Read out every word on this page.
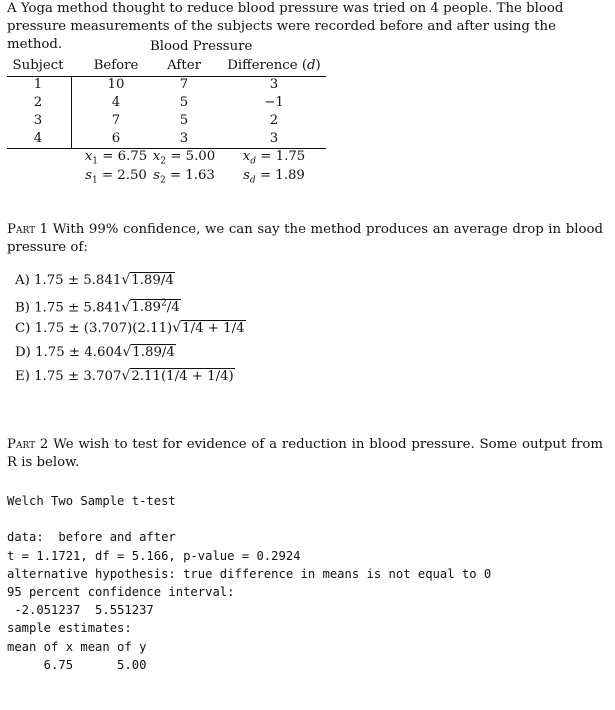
A Yoga method thought to reduce blood pressure was tried on 4 people. The blood pressure measurements of the subjects were recorded before and after using the method.	Blood Pressure
Subject	Before	After	Difference (d)
1	10	7	3
2	4	5	−1
3	7	5	2
4	6	3	3
$\overline{x}_1 = 6.75$ $\overline{x}_2 = 5.00$	$\overline{x}_d = 1.75$
$s_1 = 2.50$ $s_2 = 1.63$	$s_d = 1.89$
Part 1 With 99% confidence, we can say the method produces an average drop in blood pressure of:
A) 1.75 ± 5.841√1.89/4
B) $1.75 \pm 5.841√1.89^2/4$
C) 1.75 ± (3.707)(2.11)√1/4 + 1/4
D) 1.75 ± 4.604√1.89/4
E) 1.75 ± 3.707√2.11(1/4 + 1/4)
Part 2 We wish to test for evidence of a reduction in blood pressure. Some output from R is below.
Welch Two Sample t-test

data:  before and after
t = 1.1721, df = 5.166, p-value = 0.2924
alternative hypothesis: true difference in means is not equal to 0
95 percent confidence interval:
-2.051237  5.551237
sample estimates:
mean of x mean of y
6.75      5.00
